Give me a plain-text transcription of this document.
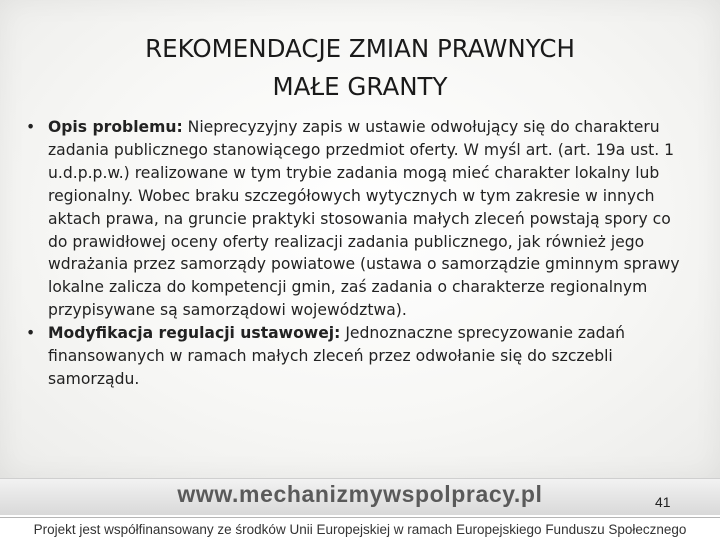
REKOMENDACJE ZMIAN PRAWNYCH
MAŁE GRANTY
• Opis problemu: Nieprecyzyjny zapis w ustawie odwołujący się do charakteru zadania publicznego stanowiącego przedmiot oferty. W myśl art. (art. 19a ust. 1 u.d.p.p.w.) realizowane w tym trybie zadania mogą mieć charakter lokalny lub regionalny. Wobec braku szczegółowych wytycznych w tym zakresie w innych aktach prawa, na gruncie praktyki stosowania małych zleceń powstają spory co do prawidłowej oceny oferty realizacji zadania publicznego, jak również jego wdrażania przez samorządy powiatowe (ustawa o samorządzie gminnym sprawy lokalne zalicza do kompetencji gmin, zaś zadania o charakterze regionalnym przypisywane są samorządowi województwa).
• Modyfikacja regulacji ustawowej: Jednoznaczne sprecyzowanie zadań finansowanych w ramach małych zleceń przez odwołanie się do szczebli samorządu.
www.mechanizmywspolpracy.pl	41
Projekt jest współfinansowany ze środków Unii Europejskiej w ramach Europejskiego Funduszu Społecznego
